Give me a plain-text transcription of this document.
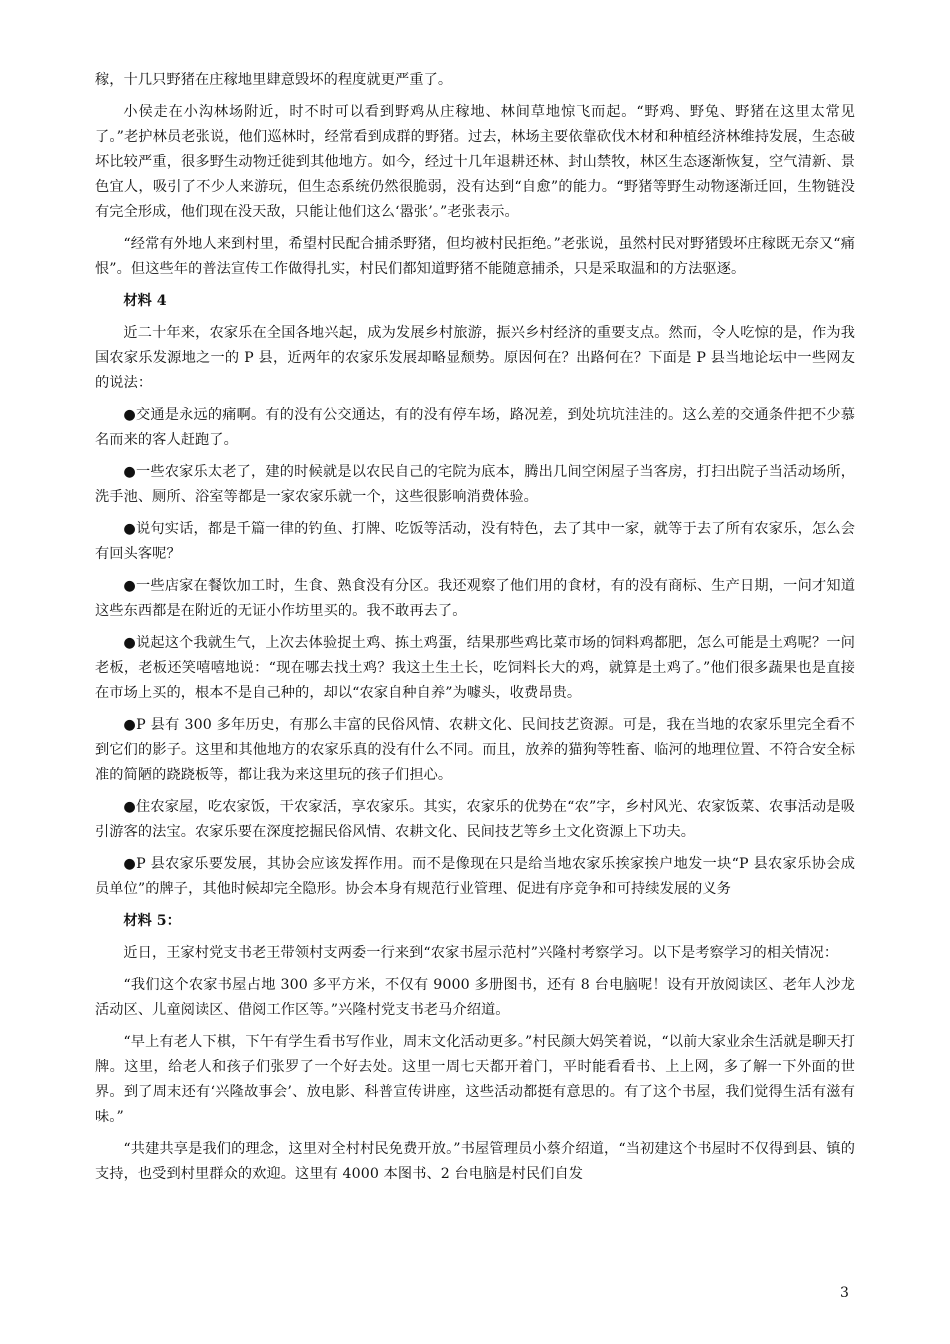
稼，十几只野猪在庄稼地里肆意毁坏的程度就更严重了。

小侯走在小沟林场附近，时不时可以看到野鸡从庄稼地、林间草地惊飞而起。“野鸡、野兔、野猪在这里太常见了。”老护林员老张说，他们巡林时，经常看到成群的野猪。过去，林场主要依靠砍伐木材和种植经济林维持发展，生态破坏比较严重，很多野生动物迁徙到其他地方。如今，经过十几年退耕还林、封山禁牧，林区生态逐渐恢复，空气清新、景色宜人，吸引了不少人来游玩，但生态系统仍然很脆弱，没有达到“自愈”的能力。“野猪等野生动物逐渐迁回，生物链没有完全形成，他们现在没天敌，只能让他们这么‘嚣张’。”老张表示。

“经常有外地人来到村里，希望村民配合捕杀野猪，但均被村民拒绝。”老张说，虽然村民对野猪毁坏庄稼既无奈又“痛恨”。但这些年的普法宣传工作做得扎实，村民们都知道野猪不能随意捕杀，只是采取温和的方法驱逐。

材料 4

近二十年来，农家乐在全国各地兴起，成为发展乡村旅游，振兴乡村经济的重要支点。然而，令人吃惊的是，作为我国农家乐发源地之一的 P 县，近两年的农家乐发展却略显颓势。原因何在？出路何在？下面是 P 县当地论坛中一些网友的说法：

●交通是永远的痛啊。有的没有公交通达，有的没有停车场，路况差，到处坑坑洼洼的。这么差的交通条件把不少慕名而来的客人赶跑了。

●一些农家乐太老了，建的时候就是以农民自己的宅院为底本，腾出几间空闲屋子当客房，打扫出院子当活动场所，洗手池、厕所、浴室等都是一家农家乐就一个，这些很影响消费体验。

●说句实话，都是千篇一律的钓鱼、打牌、吃饭等活动，没有特色，去了其中一家，就等于去了所有农家乐，怎么会有回头客呢？

●一些店家在餐饮加工时，生食、熟食没有分区。我还观察了他们用的食材，有的没有商标、生产日期，一问才知道这些东西都是在附近的无证小作坊里买的。我不敢再去了。

●说起这个我就生气，上次去体验捉土鸡、拣土鸡蛋，结果那些鸡比菜市场的饲料鸡都肥，怎么可能是土鸡呢？一问老板，老板还笑嘻嘻地说：“现在哪去找土鸡？我这土生土长，吃饲料长大的鸡，就算是土鸡了。”他们很多蔬果也是直接在市场上买的，根本不是自己种的，却以“农家自种自养”为噱头，收费昂贵。

●P 县有 300 多年历史，有那么丰富的民俗风情、农耕文化、民间技艺资源。可是，我在当地的农家乐里完全看不到它们的影子。这里和其他地方的农家乐真的没有什么不同。而且，放养的猫狗等牲畜、临河的地理位置、不符合安全标准的简陋的跷跷板等，都让我为来这里玩的孩子们担心。

●住农家屋，吃农家饭，干农家活，享农家乐。其实，农家乐的优势在“农”字，乡村风光、农家饭菜、农事活动是吸引游客的法宝。农家乐要在深度挖掘民俗风情、农耕文化、民间技艺等乡土文化资源上下功夫。

●P 县农家乐要发展，其协会应该发挥作用。而不是像现在只是给当地农家乐挨家挨户地发一块“P 县农家乐协会成员单位”的牌子，其他时候却完全隐形。协会本身有规范行业管理、促进有序竞争和可持续发展的义务

材料 5：

近日，王家村党支书老王带领村支两委一行来到“农家书屋示范村”兴隆村考察学习。以下是考察学习的相关情况：

“我们这个农家书屋占地 300 多平方米，不仅有 9000 多册图书，还有 8 台电脑呢！设有开放阅读区、老年人沙龙活动区、儿童阅读区、借阅工作区等。”兴隆村党支书老马介绍道。

“早上有老人下棋，下午有学生看书写作业，周末文化活动更多。”村民颜大妈笑着说，“以前大家业余生活就是聊天打牌。这里，给老人和孩子们张罗了一个好去处。这里一周七天都开着门，平时能看看书、上上网，多了解一下外面的世界。到了周末还有‘兴隆故事会’、放电影、科普宣传讲座，这些活动都挺有意思的。有了这个书屋，我们觉得生活有滋有味。”

“共建共享是我们的理念，这里对全村村民免费开放。”书屋管理员小蔡介绍道，“当初建这个书屋时不仅得到县、镇的支持，也受到村里群众的欢迎。这里有 4000 本图书、2 台电脑是村民们自发

3
